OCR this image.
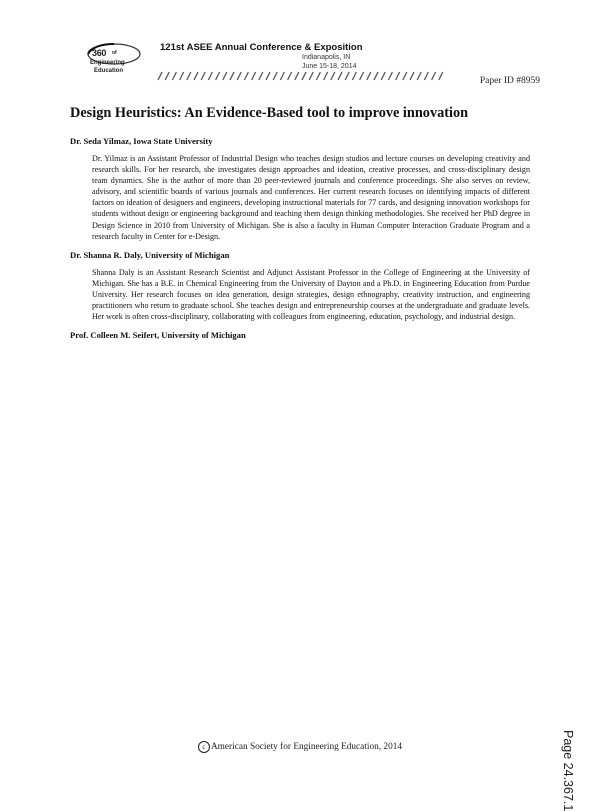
360 of
Engineering
Education
121st ASEE Annual Conference & Exposition
Indianapolis, IN
June 15-18, 2014
Paper ID #8959
Design Heuristics: An Evidence-Based tool to improve innovation
Dr. Seda Yilmaz, Iowa State University
Dr. Yilmaz is an Assistant Professor of Industrial Design who teaches design studios and lecture courses on developing creativity and research skills. For her research, she investigates design approaches and ideation, creative processes, and cross-disciplinary design team dynamics. She is the author of more than 20 peer-reviewed journals and conference proceedings. She also serves on review, advisory, and scientific boards of various journals and conferences. Her current research focuses on identifying impacts of different factors on ideation of designers and engineers, developing instructional materials for 77 cards, and designing innovation workshops for students without design or engineering background and teaching them design thinking methodologies. She received her PhD degree in Design Science in 2010 from University of Michigan. She is also a faculty in Human Computer Interaction Graduate Program and a research faculty in Center for e-Design.
Dr. Shanna R. Daly, University of Michigan
Shanna Daly is an Assistant Research Scientist and Adjunct Assistant Professor in the College of Engineering at the University of Michigan. She has a B.E. in Chemical Engineering from the University of Dayton and a Ph.D. in Engineering Education from Purdue University. Her research focuses on idea generation, design strategies, design ethnography, creativity instruction, and engineering practitioners who return to graduate school. She teaches design and entrepreneurship courses at the undergraduate and graduate levels. Her work is often cross-disciplinary, collaborating with colleagues from engineering, education, psychology, and industrial design.
Prof. Colleen M. Seifert, University of Michigan
Page 24.367.1
c American Society for Engineering Education, 2014
